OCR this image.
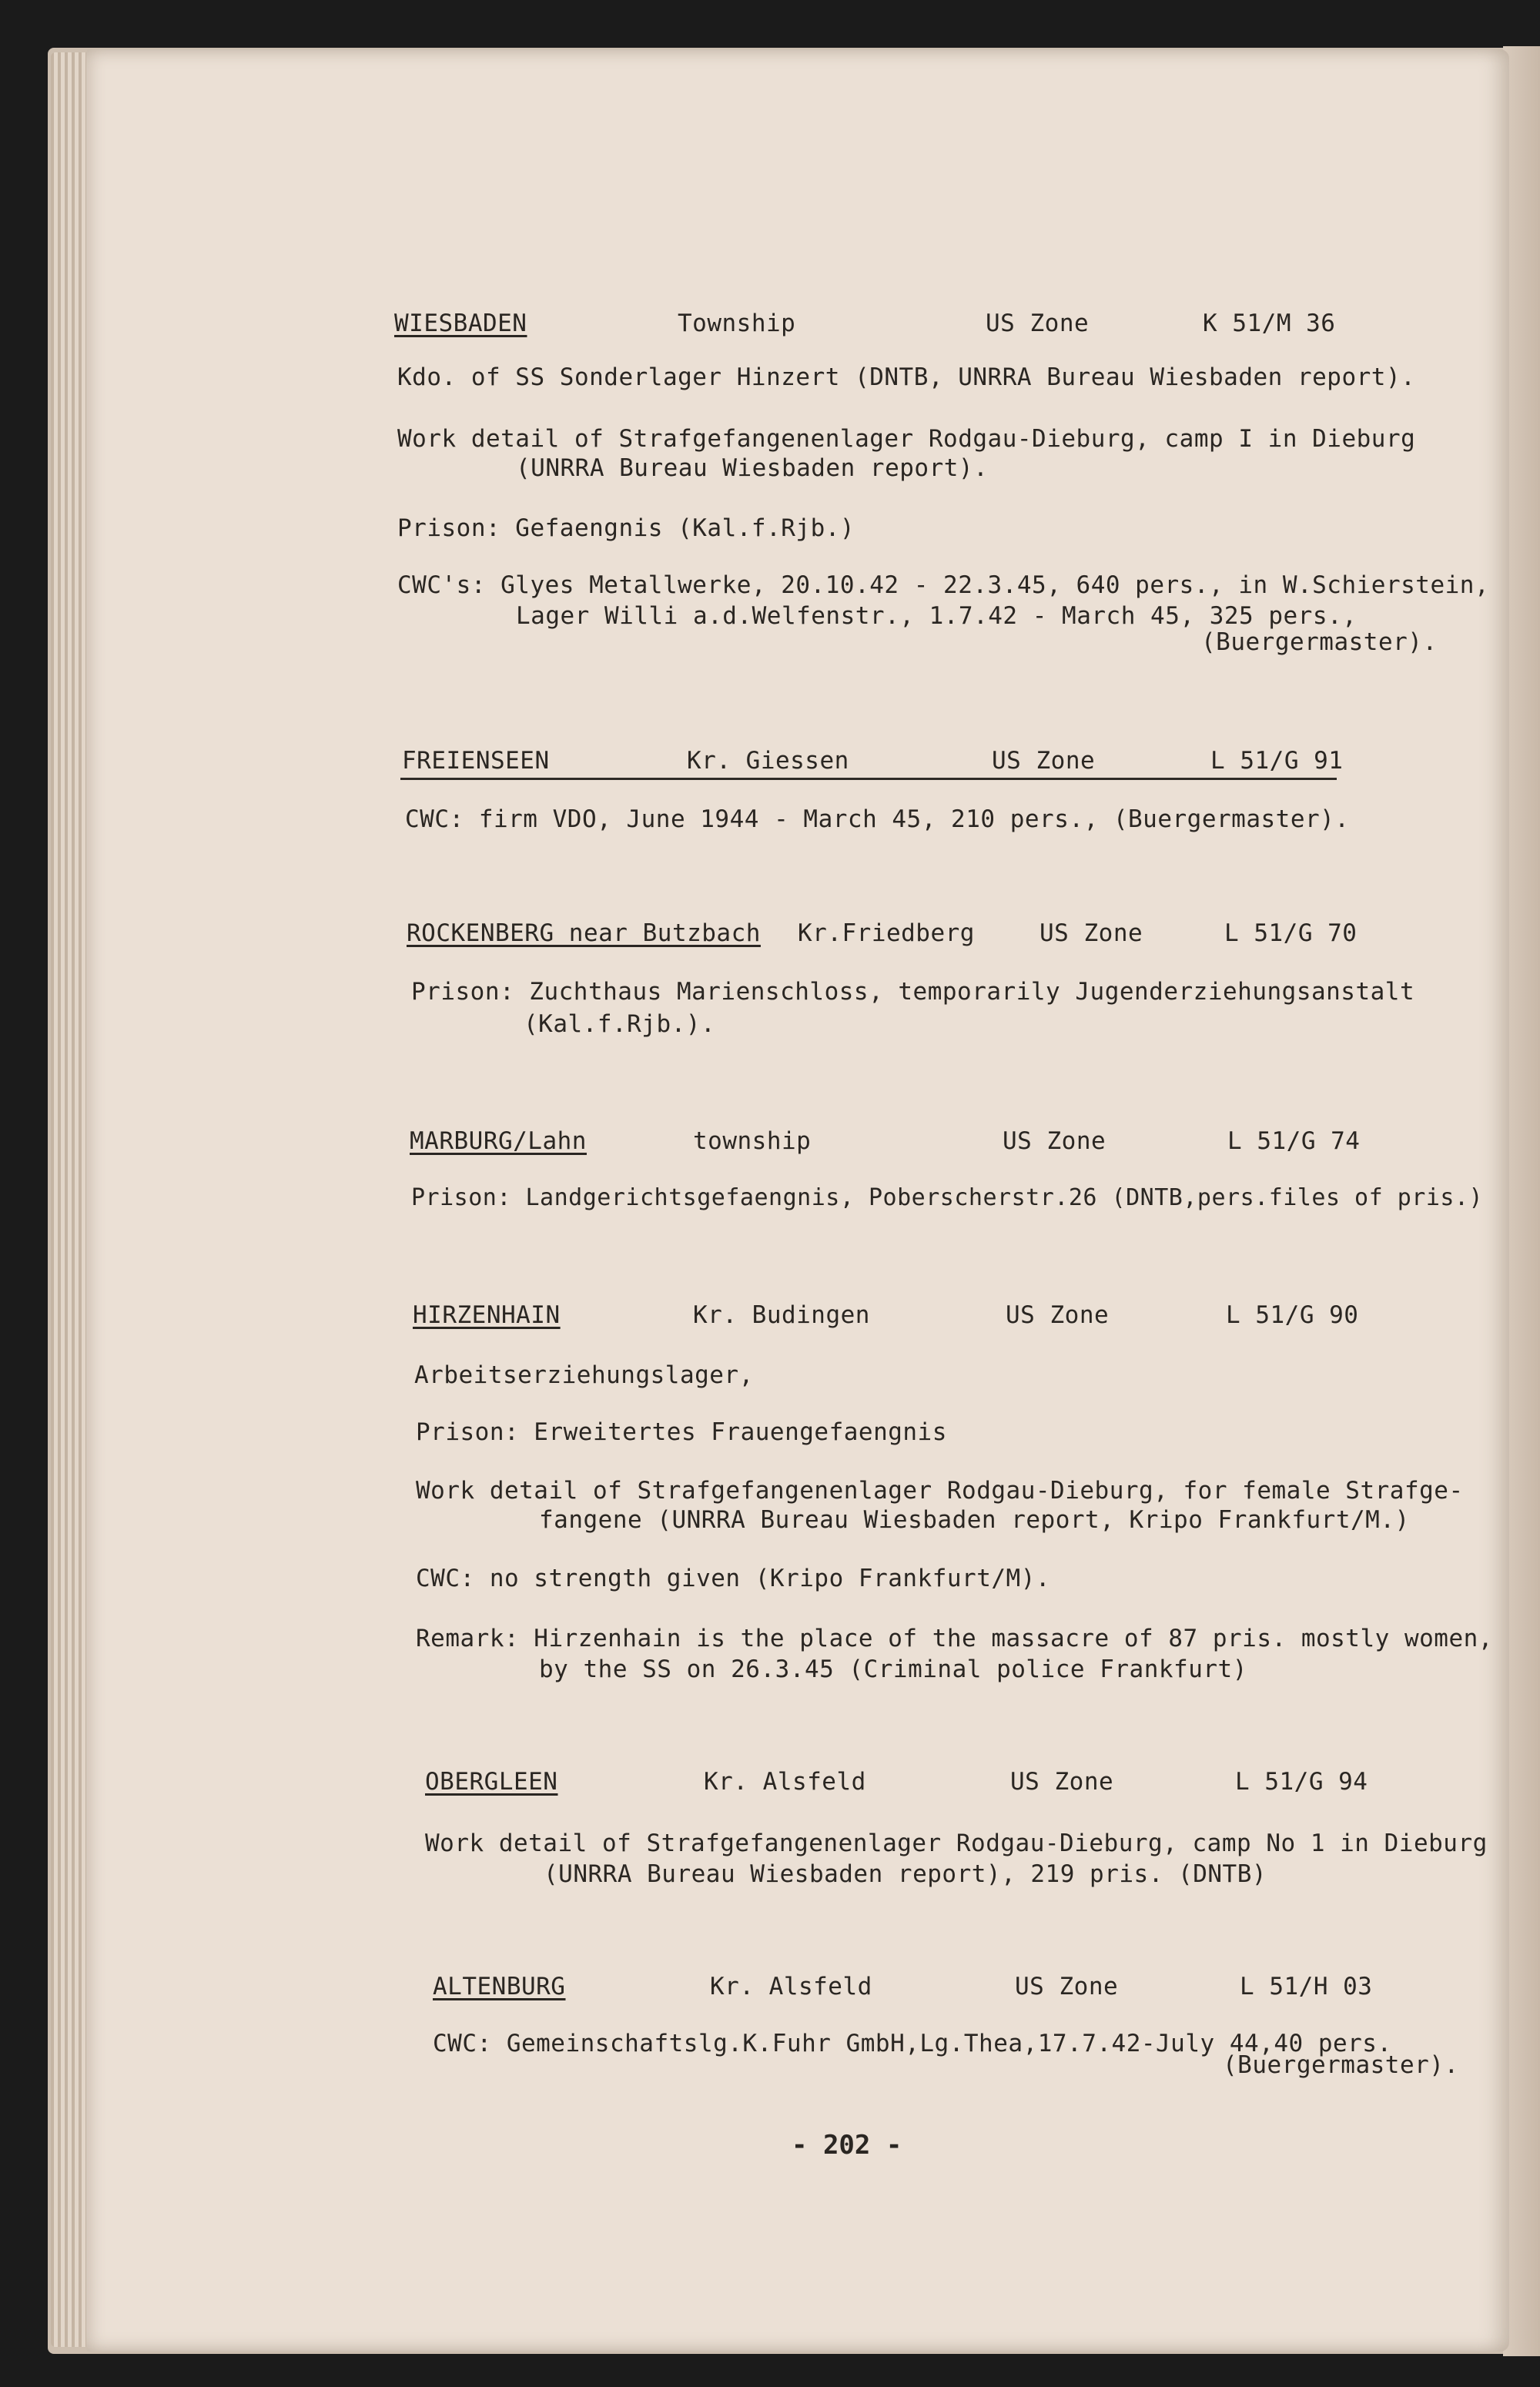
WIESBADEN	Township	US Zone	K 51/M 36
Kdo. of SS Sonderlager Hinzert (DNTB, UNRRA Bureau Wiesbaden report).
Work detail of Strafgefangenenlager Rodgau-Dieburg, camp I in Dieburg
(UNRRA Bureau Wiesbaden report).
Prison: Gefaengnis (Kal.f.Rjb.)
CWC's: Glyes Metallwerke, 20.10.42 - 22.3.45, 640 pers., in W.Schierstein,
Lager Willi a.d.Welfenstr., 1.7.42 - March 45, 325 pers.,
(Buergermaster).
FREIENSEEN	Kr. Giessen	US Zone	L 51/G 91
CWC: firm VDO, June 1944 - March 45, 210 pers., (Buergermaster).
ROCKENBERG near Butzbach Kr.Friedberg	US Zone	L 51/G 70
Prison: Zuchthaus Marienschloss, temporarily Jugenderziehungsanstalt
(Kal.f.Rjb.).
MARBURG/Lahn	township	US Zone	L 51/G 74
Prison: Landgerichtsgefaengnis, Poberscherstr.26 (DNTB,pers.files of pris.)
HIRZENHAIN	Kr. Budingen	US Zone	L 51/G 90
Arbeitserziehungslager,
Prison: Erweitertes Frauengefaengnis
Work detail of Strafgefangenenlager Rodgau-Dieburg, for female Strafge-
fangene (UNRRA Bureau Wiesbaden report, Kripo Frankfurt/M.)
CWC: no strength given (Kripo Frankfurt/M).
Remark: Hirzenhain is the place of the massacre of 87 pris. mostly women,
by the SS on 26.3.45 (Criminal police Frankfurt)
OBERGLEEN	Kr. Alsfeld	US Zone	L 51/G 94
Work detail of Strafgefangenenlager Rodgau-Dieburg, camp No 1 in Dieburg
(UNRRA Bureau Wiesbaden report), 219 pris. (DNTB)
ALTENBURG	Kr. Alsfeld	US Zone	L 51/H 03
CWC: Gemeinschaftslg.K.Fuhr GmbH,Lg.Thea,17.7.42-July 44,40 pers.
(Buergermaster).
- 202 -
